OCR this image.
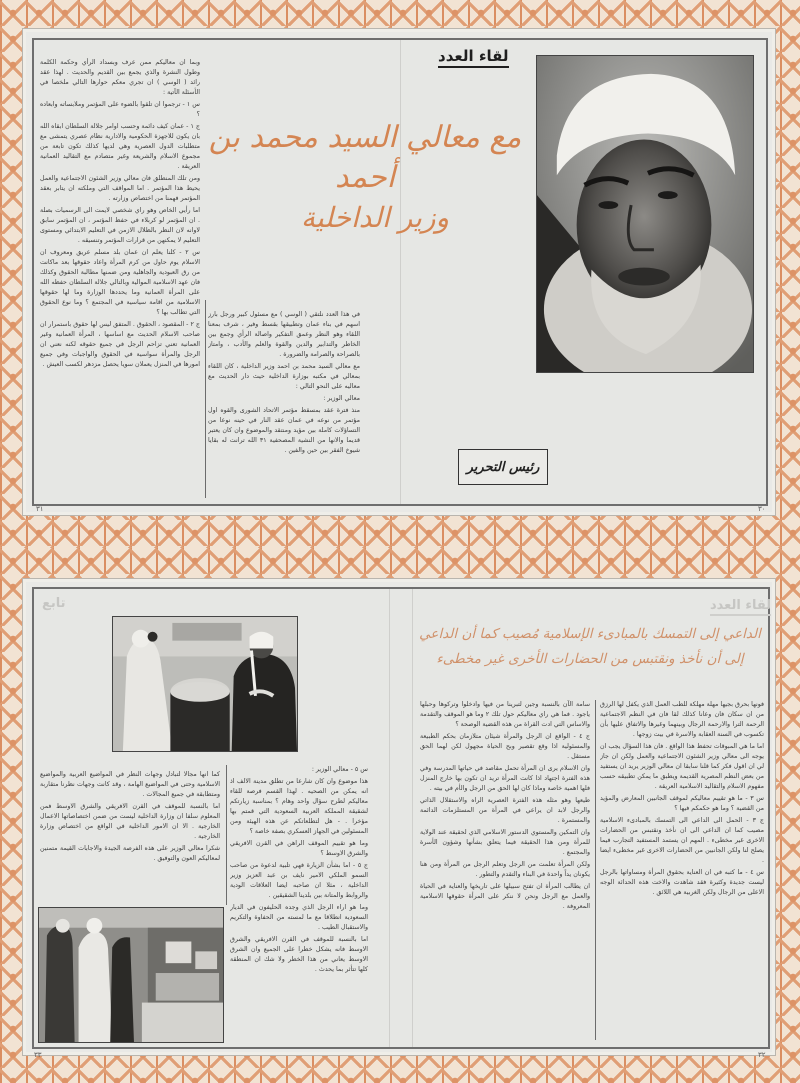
وبما ان معاليكم ممن عرف وبسداد الرأي وحكمة الكلمة وطول النشرة والذي يجمع بين القديم والحديث . لهذا عقد رائد ( الوسي ) ان تجري معكم حوارها التالي ملخصا في الأسئلة الآتية :

س ١ - ترجموا ان تلقوا بالضوء على المؤتمر وملابساته وابعاده ؟

ج ١ - عمان كيف دائمة وحسب اوامر جلالة السلطان ابقاه الله بان يكون للاجهزة الحكومية والادارية نظام عصري يتمشى مع متطلبات الدول العصرية وهي لديها كذلك تكون تابعة من مجموع الاسلام والشريعة وغير متصادم مع التقاليد العمانية العريقة .

ومن تلك المنطلق فان معالي وزير الشئون الاجتماعية والعمل يحيط هذا المؤتمر . اما المواقف التي وملكته ان يتابر بعقد المؤتمر فهمنا من اختصاص وزارته .

اما رأيي الخاص وهو راي شخصي لايمت الى الرسميات بصلة . ان المؤتمر لو كربلاء في حفظ المؤتمر ، ان المؤتمر سابق لاوانه لان النظر بالظلال الازمن في التعليم الابتدائي ومستوى التعليم لا يمكنهن من قرارات المؤتمر وتنسيقه .

س ٢ - كلنا يعلم ان عمان بلد مسلم عريق ومعروف ان الاسلام يوم حاول من كرم المرأة واعاد حقوقها بعد ماكانت من رق العبودية والجاهلية ومن ضمنها مطالبة الحقوق وكذلك فان عهد الاسلامية الموالية وبالتالي جلالة السلطان حفظه الله على المرأة العمانية وما يحددها الوزارة وما لها حقوقها الاسلامية من اقامة سياسية في المجتمع ؟ وما نوع الحقوق التي تطالب بها ؟

ج ٢ - المقصود ، الحقوق . المتفق ليس لها حقوق باستمرار ان صاحب الاسلام الحديث مع اساسها ، المرأة العمانية وغير العمانية تعني تزاحم الرجل في جميع حقوقه لكنه نعني ان الرجل والمرأة سواسية في الحقوق والواجبات وفي جميع امورها في المنزل يعملان سويا يحصل مزدهر لكسب العيش .

في هذا العدد نلتقي ( الوسي ) مع مسئول كبير ورجل بارز اسهم في بناء عمان وتطبيقها بقسط وفير ، شرف بمعنا اللقاء وهو النظر وعمق التفكير واصالة الرأي وجمع بين الخاطر والتدابير والدين والقوة والعلم والأدب ، وامتاز بالصراحة والصرامة والضرورة .

مع معالي السيد محمد بن احمد وزير الداخلية ، كان اللقاء بمعالي في مكتبه بوزارة الداخلية حيث دار الحديث مع معاليه على النحو التالي :

معالي الوزير :

منذ فترة عقد بمسقط مؤتمر الاتحاد الشورى والقوه اول مؤتمر من نوعه في عمان عقد النار في حينه نوعا من التساؤلات كاملة بين مؤيد ومنتقد والموضوع وان كان يعتبر قديما والانها من النشية المصحفية ٣١ الله ترانت له بقايا شيوخ الفقر بين حين والفين .

لقاء العدد
مع معالي السيد محمد بن أحمد
وزير الداخلية
رئيس التحرير
٣١	٣٠
لقاء العدد
تابع
الداعي إلى التمسك بالمبادىء الإسلامية مُصيب كما أن الداعي
إلى أن نأخذ ونقتبس من الحضارات الأخرى غير مخطىء

كما انها مجالا لتبادل وجهات النظر في المواضيع العربية والمواضيع الاسلامية وحتى في المواضيع الهامة ، وقد كانت وجهات نظرنا متقاربة ومتطابقة في جميع المجالات .

اما بالنسبة للموقف في القرن الافريقي والشرق الاوسط فمن المعلوم سلفا ان وزارة الداخلية ليست من ضمن اختصاصاتها الاعمال الخارجية . الا ان الامور الداخلية في الواقع من اختصاص وزارة الخارجية .

شكرا معالي الوزير على هذه الفرصة الجيدة والاجابات القيمة متمنين لمعاليكم العون والتوفيق .

س ٥ - معالي الوزير :

هذا موضوع وان كان شارعا من تطلق مدينة الالف اذ انه يمكن من الصحيه . لهذا القسم فرصة للقاء معاليكم لطرح سؤال واحد وهام ؟ بمناسبة زيارتكم لشقيقة المملكة العربية السعودية التي قمتم بها مؤخرا . - هل لتطلعاتكم عن هذه الهيئة ومن المسئولين في الجهاز العسكري بصفة خاصة ؟

وما هو تقييم الموقف الراهن في القرن الافريقي والشرق الاوسط ؟

ج ٥ - اما بشأن الزيارة فهي تلبية لدعوة من صاحب السمو الملكي الامير نايف بن عبد العزيز وزير الداخلية ، مثلا ان صاحبه ايضا العلاقات الودية والروابط والمتانة بين بلدينا الشقيقين .

وما هو اراء الرجل الذي وجده الحليفون في الديار السعودية انطلاقا مع ما لمسته من الحفاوة والتكريم والاستقبال الطيب .

اما بالنسبة للموقف في القرن الافريقي والشرق الاوسط فانه يشكل خطرا على الجميع وان الشرق الاوسط يعاني من هذا الخطر ولا شك ان المنطقة كلها تتأثر بما يحدث .

سامة الآن بالنسبة وجين لتبرينا من فيها وادخلوا وتركوها وحبلها ياجود . فما هي راي معاليكم حول تلك ٢ وما هو الموقف والتقدمة والاساس التي ادت القراة من هذه القضية الوصحة ؟

ج ٤ - الواقع ان الرجل والمرأة شيئان متلازمان بحكم الطبيعة والمسئولية اذا وقع تقصير وبح الحياة مجهول لكن لهما الحق مستقل .

وان الاسلام يرى ان المرأة تحمل مقاصد في حياتها المدرسة وفي هذه الفترة اجتهاد اذا كانت المرأة تريد ان تكون بها خارج المنزل فلها اهمية خاصة وماذا كان لها الحق من الرجل والأم في بيته .

طيعها وهو مثله هذه الفترة العصرية الراه والاستقلال الذاتي والرجل لابد ان يراعي في المرأة من المستلزمات الدائمة والمستمرة .

وان التمكين والمستوي الدستور الاسلامي الذي لحقيقة عند الولاية للمرأة ومن هذا الحقيقة فيما يتعلق بشأنها وشؤون الأسرة والمجتمع .

ولكن المرأة تعلمت من الرجل وتعلم الرجل من المرأة ومن هنا يكونان يداً واحدة في البناء والتقدم والتطور .

ان يطالب المرأة ان تفتح سبيلها على تاريخها والعناية في الحياة والعمل مع الرجل ونحن لا ننكر على المرأة حقوقها الاسلامية المعروفة .

فونها بحرق بجيها مهلة مهلكة للطب العمل الذي يكفل لها الرزق من ان سكان فان وعانا كذلك لقا فان في النظم الاجتماعية الرحمة الترا والارحمة الرجال وبينهما وغيرها والاتفاق عليها بأن تكسوب في السنة العقابة والاسرة في بيت زوجها .

اما ما هي المبوقات تحفظ هذا الواقع . فان هذا السؤال يجب ان يوجه الى معالي وزير الشئون الاجتماعية والعمل ولكن ان جاز لي ان اقول فكر كما قلنا سابقا ان معالي الوزير يريد ان يستفيد من بعض النظم المصرية القديمة ويطبق ما يمكن تطبيقه حسب مفهوم الاسلام والتقاليد الاسلامية العريقة .

س ٣ - ما هو تقييم معاليكم لموقف الجانبين المعارض والمؤيد من القضية ؟ وما هو حكمكم فيها ؟

ج ٣ - الحمل الى الداعي الى التمسك بالمبادىء الاسلامية مصيب كما ان الداعي الى ان نأخذ ونقتبس من الحضارات الاخرى غير مخطىء . المهم ان يستمد المستفيد التجارب فيما يصلح لنا ولكن الجانبين من الحضارات الاخرى غير مخطىء ايضا .

س ٤ - ما كتبه في ان العناية بحقوق المرأة ومساواتها بالرجل ليست جديدة وكثيرة فقد شاهدت والاخت هذه الحدائة الوجه الاعلى من الرجال ولكن الغربية هي اللائق .

٣٣	٣٢
